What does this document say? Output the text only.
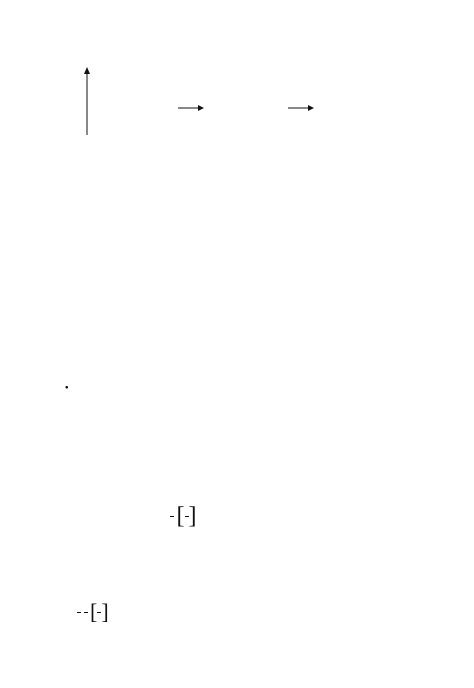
[ ]

[ ]
